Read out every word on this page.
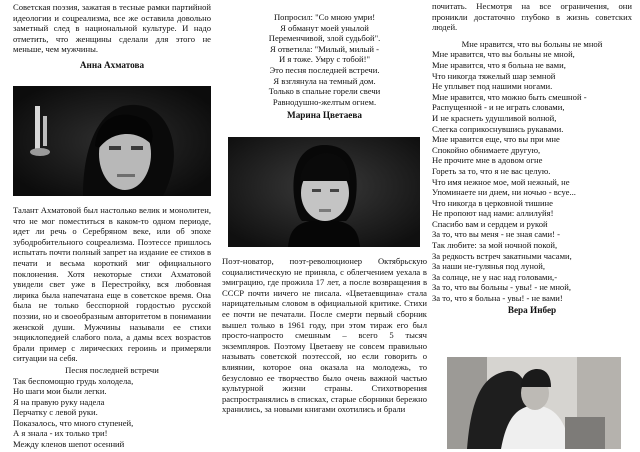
Советская поэзия, зажатая в тесные рамки партийной идеологии и соцреализма, все же оставила довольно заметный след в национальной культуре. И надо отметить, что женщины сделали для этого не меньше, чем мужчины.

Анна Ахматова

Талант Ахматовой был настолько велик и монолитен, что не мог поместиться в каком-то одном периоде, идет ли речь о Серебряном веке, или об эпохе зубодробительного соцреализма. Поэтессе пришлось испытать почти полный запрет на издание ее стихов в печати и весьма короткий миг официального поклонения. Хотя некоторые стихи Ахматовой увидели свет уже в Перестройку, вся любовная лирика была напечатана еще в советское время. Она была не только бесспорной гордостью русской поэзии, но и своеобразным авторитетом в понимании женской души. Мужчины называли ее стихи энциклопедией слабого пола, а дамы всех возрастов брали пример с лирических героинь и примеряли ситуации на себя.

Песня последней встречи

Так беспомощно грудь холодела,
Но шаги мои были легки.
Я на правую руку надела
Перчатку с левой руки.
Показалось, что много ступеней,
А я знала - их только три!
Между кленов шепот осенний
Попросил: "Со мною умри!
Я обманут моей унылой
Переменчивой, злой судьбой".
Я ответила: "Милый, милый -
И я тоже. Умру с тобой!"
Это песня последней встречи.
Я взглянула на темный дом.
Только в спальне горели свечи
Равнодушно-желтым огнем.

Марина Цветаева

Поэт-новатор, поэт-революционер Октябрьскую социалистическую не приняла, с облегчением уехала в эмиграцию, где прожила 17 лет, а после возвращения в СССР почти ничего не писала. «Цветаевщина» стала нарицательным словом в официальной критике. Стихи ее почти не печатали. После смерти первый сборник вышел только в 1961 году, при этом тираж его был просто-напросто смешным – всего 5 тысяч экземпляров. Поэтому Цветаеву не совсем правильно называть советской поэтессой, но если говорить о влиянии, которое она оказала на молодежь, то безусловно ее творчество было очень важной частью культурной жизни страны. Стихотворения распространялись в списках, старые сборники бережно хранились, за новыми книгами охотились и брали

почитать. Несмотря на все ограничения, они проникли достаточно глубоко в жизнь советских людей.

Мне нравится, что вы больны не мной
Мне нравится, что вы больны не мной,
Мне нравится, что я больна не вами,
Что никогда тяжелый шар земной
Не уплывет под нашими ногами.
Мне нравится, что можно быть смешной -
Распущенной - и не играть словами,
И не краснеть удушливой волной,
Слегка соприкоснувшись рукавами.
Мне нравится еще, что вы при мне
Спокойно обнимаете другую,
Не прочите мне в адовом огне
Гореть за то, что я не вас целую.
Что имя нежное мое, мой нежный, не
Упоминаете ни днем, ни ночью - всуе...
Что никогда в церковной тишине
Не пропоют над нами: аллилуйя!
Спасибо вам и сердцем и рукой
За то, что вы меня - не зная сами! -
Так любите: за мой ночной покой,
За редкость встреч закатными часами,
За наши не-гулянья под луной,
За солнце, не у нас над головами,-
За то, что вы больны - увы! - не мной,
За то, что я больна - увы! - не вами!

Вера Инбер
